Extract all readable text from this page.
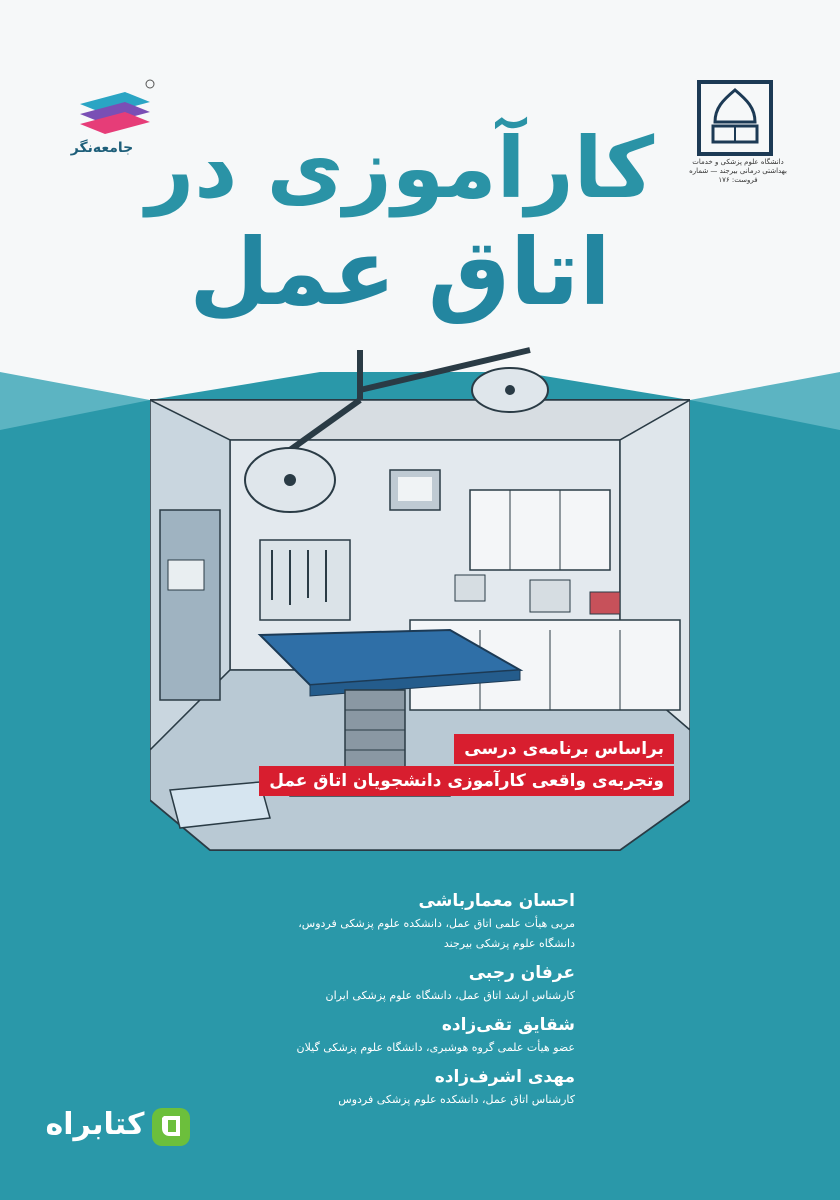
جامعه‌نگر
دانشگاه علوم پزشکی و خدمات بهداشتی درمانی بیرجند — شماره فروست: ۱۷۶
کارآموزی در
اتاق عمل
براساس برنامه‌ی درسی
وتجربه‌ی واقعی کارآموزی دانشجویان اتاق عمل
احسان معمارباشی
مربی هیأت علمی اتاق عمل، دانشکده علوم پزشکی فردوس،
دانشگاه علوم پزشکی بیرجند
عرفان رجبی
کارشناس ارشد اتاق عمل، دانشگاه علوم پزشکی ایران
شقایق تقی‌زاده
عضو هیأت علمی گروه هوشبری، دانشگاه علوم پزشکی گیلان
مهدی اشرف‌زاده
کارشناس اتاق عمل، دانشکده علوم پزشکی فردوس
کتابراه
